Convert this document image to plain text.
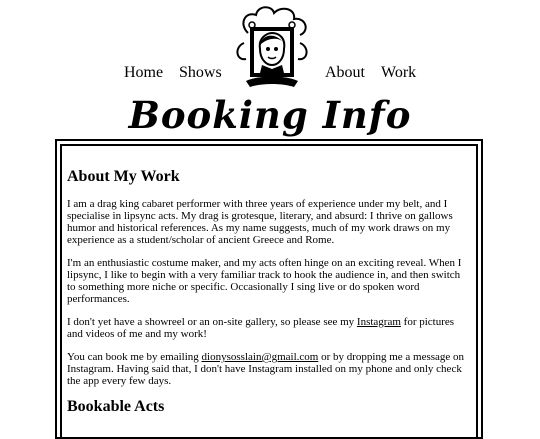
Home Shows	About Work
Booking Info
About My Work

I am a drag king cabaret performer with three years of experience under my belt, and I specialise in lipsync acts. My drag is grotesque, literary, and absurd: I thrive on gallows humor and historical references. As my name suggests, much of my work draws on my experience as a student/scholar of ancient Greece and Rome.

I'm an enthusiastic costume maker, and my acts often hinge on an exciting reveal. When I lipsync, I like to begin with a very familiar track to hook the audience in, and then switch to something more niche or specific. Occasionally I sing live or do spoken word performances.

I don't yet have a showreel or an on-site gallery, so please see my Instagram for pictures and videos of me and my work!

You can book me by emailing dionysosslain@gmail.com or by dropping me a message on Instagram. Having said that, I don't have Instagram installed on my phone and only check the app every few days.

Bookable Acts
